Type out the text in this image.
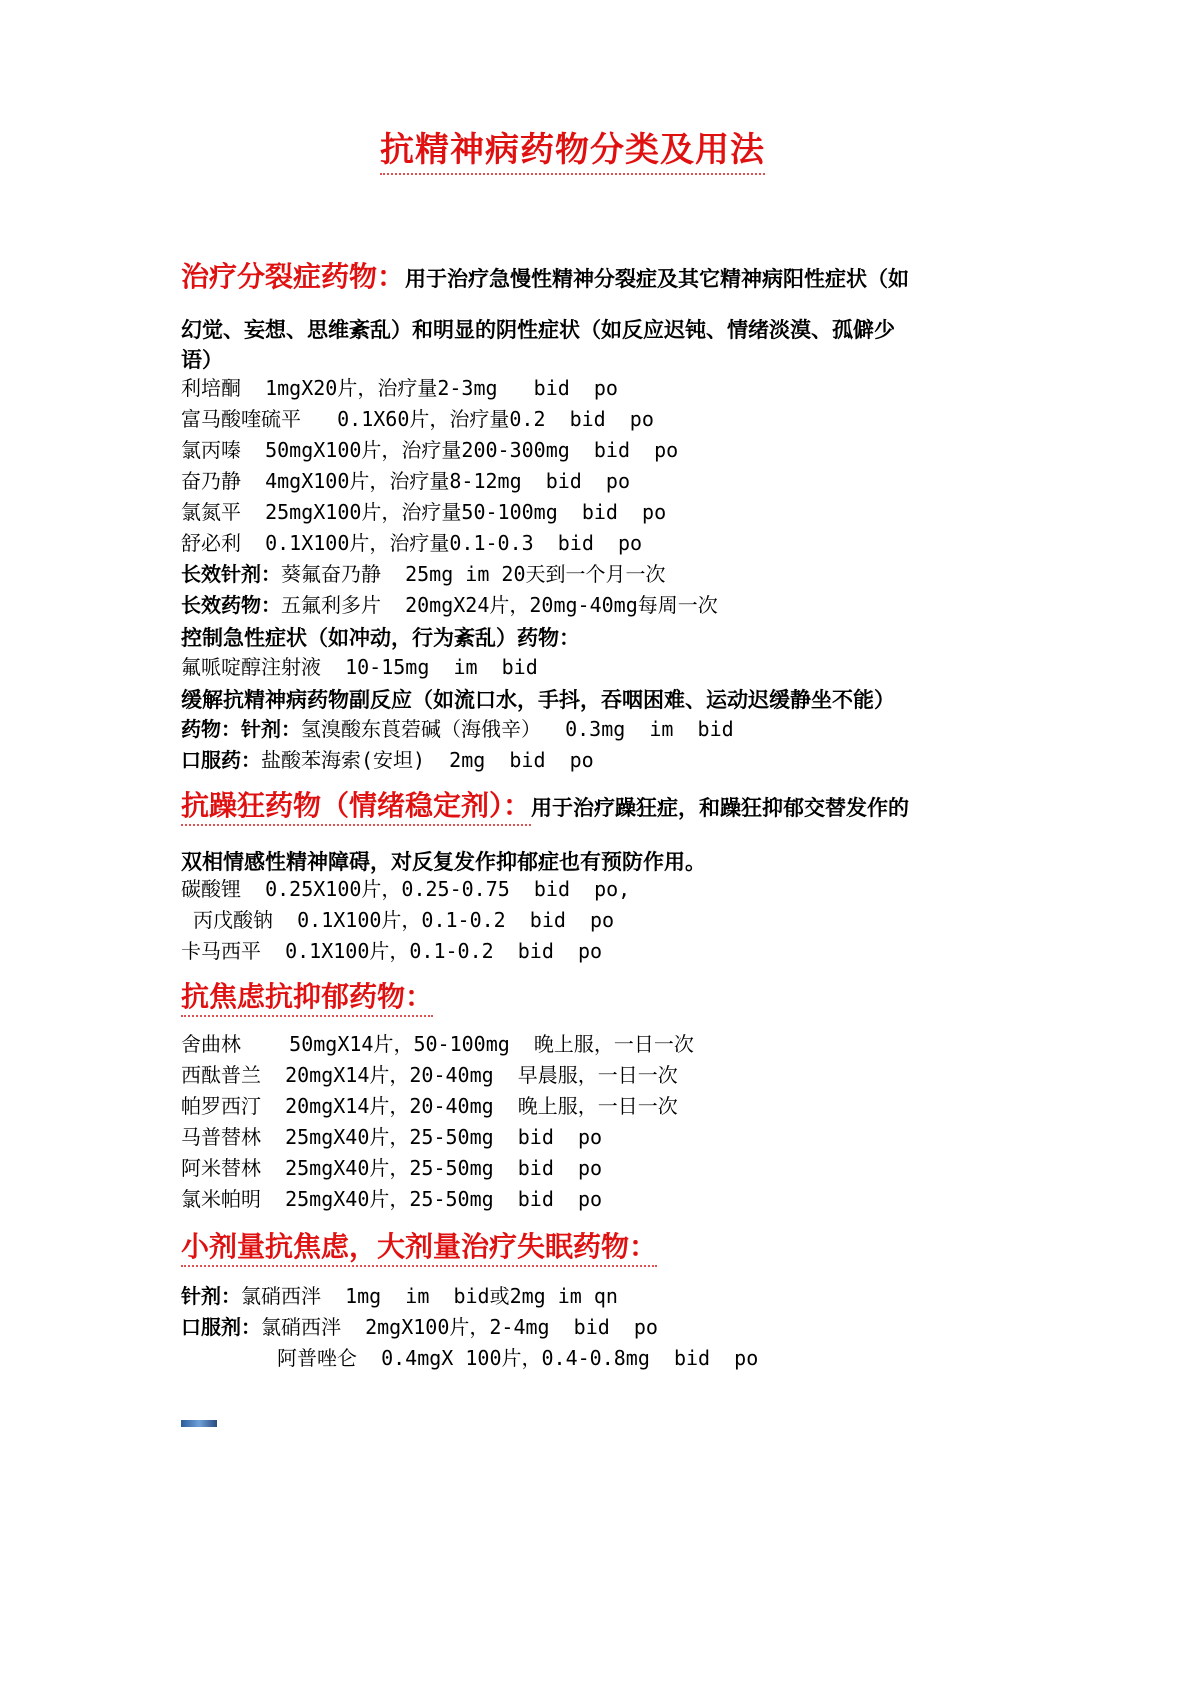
抗精神病药物分类及用法
治疗分裂症药物：用于治疗急慢性精神分裂症及其它精神病阳性症状（如
幻觉、妄想、思维紊乱）和明显的阴性症状（如反应迟钝、情绪淡漠、孤僻少
语）
利培酮  1mgX20片，治疗量2-3mg   bid  po
富马酸喹硫平   0.1X60片，治疗量0.2  bid  po
氯丙嗪  50mgX100片，治疗量200-300mg  bid  po
奋乃静  4mgX100片，治疗量8-12mg  bid  po
氯氮平  25mgX100片，治疗量50-100mg  bid  po
舒必利  0.1X100片，治疗量0.1-0.3  bid  po
长效针剂：葵氟奋乃静  25mg im 20天到一个月一次
长效药物：五氟利多片  20mgX24片，20mg-40mg每周一次
控制急性症状（如冲动，行为紊乱）药物：
氟哌啶醇注射液  10-15mg  im  bid
缓解抗精神病药物副反应（如流口水，手抖，吞咽困难、运动迟缓静坐不能）
药物：针剂：氢溴酸东莨菪碱（海俄辛）  0.3mg  im  bid
口服药：盐酸苯海索(安坦)  2mg  bid  po
抗躁狂药物（情绪稳定剂）：用于治疗躁狂症，和躁狂抑郁交替发作的
双相情感性精神障碍，对反复发作抑郁症也有预防作用。
碳酸锂  0.25X100片，0.25-0.75  bid  po,
丙戊酸钠  0.1X100片，0.1-0.2  bid  po
卡马西平  0.1X100片，0.1-0.2  bid  po
抗焦虑抗抑郁药物：
舍曲林    50mgX14片，50-100mg  晚上服，一日一次
西酞普兰  20mgX14片，20-40mg  早晨服，一日一次
帕罗西汀  20mgX14片，20-40mg  晚上服，一日一次
马普替林  25mgX40片，25-50mg  bid  po
阿米替林  25mgX40片，25-50mg  bid  po
氯米帕明  25mgX40片，25-50mg  bid  po
小剂量抗焦虑，大剂量治疗失眠药物：
针剂：氯硝西泮  1mg  im  bid或2mg im qn
口服剂：氯硝西泮  2mgX100片，2-4mg  bid  po
阿普唑仑  0.4mgX 100片，0.4-0.8mg  bid  po
